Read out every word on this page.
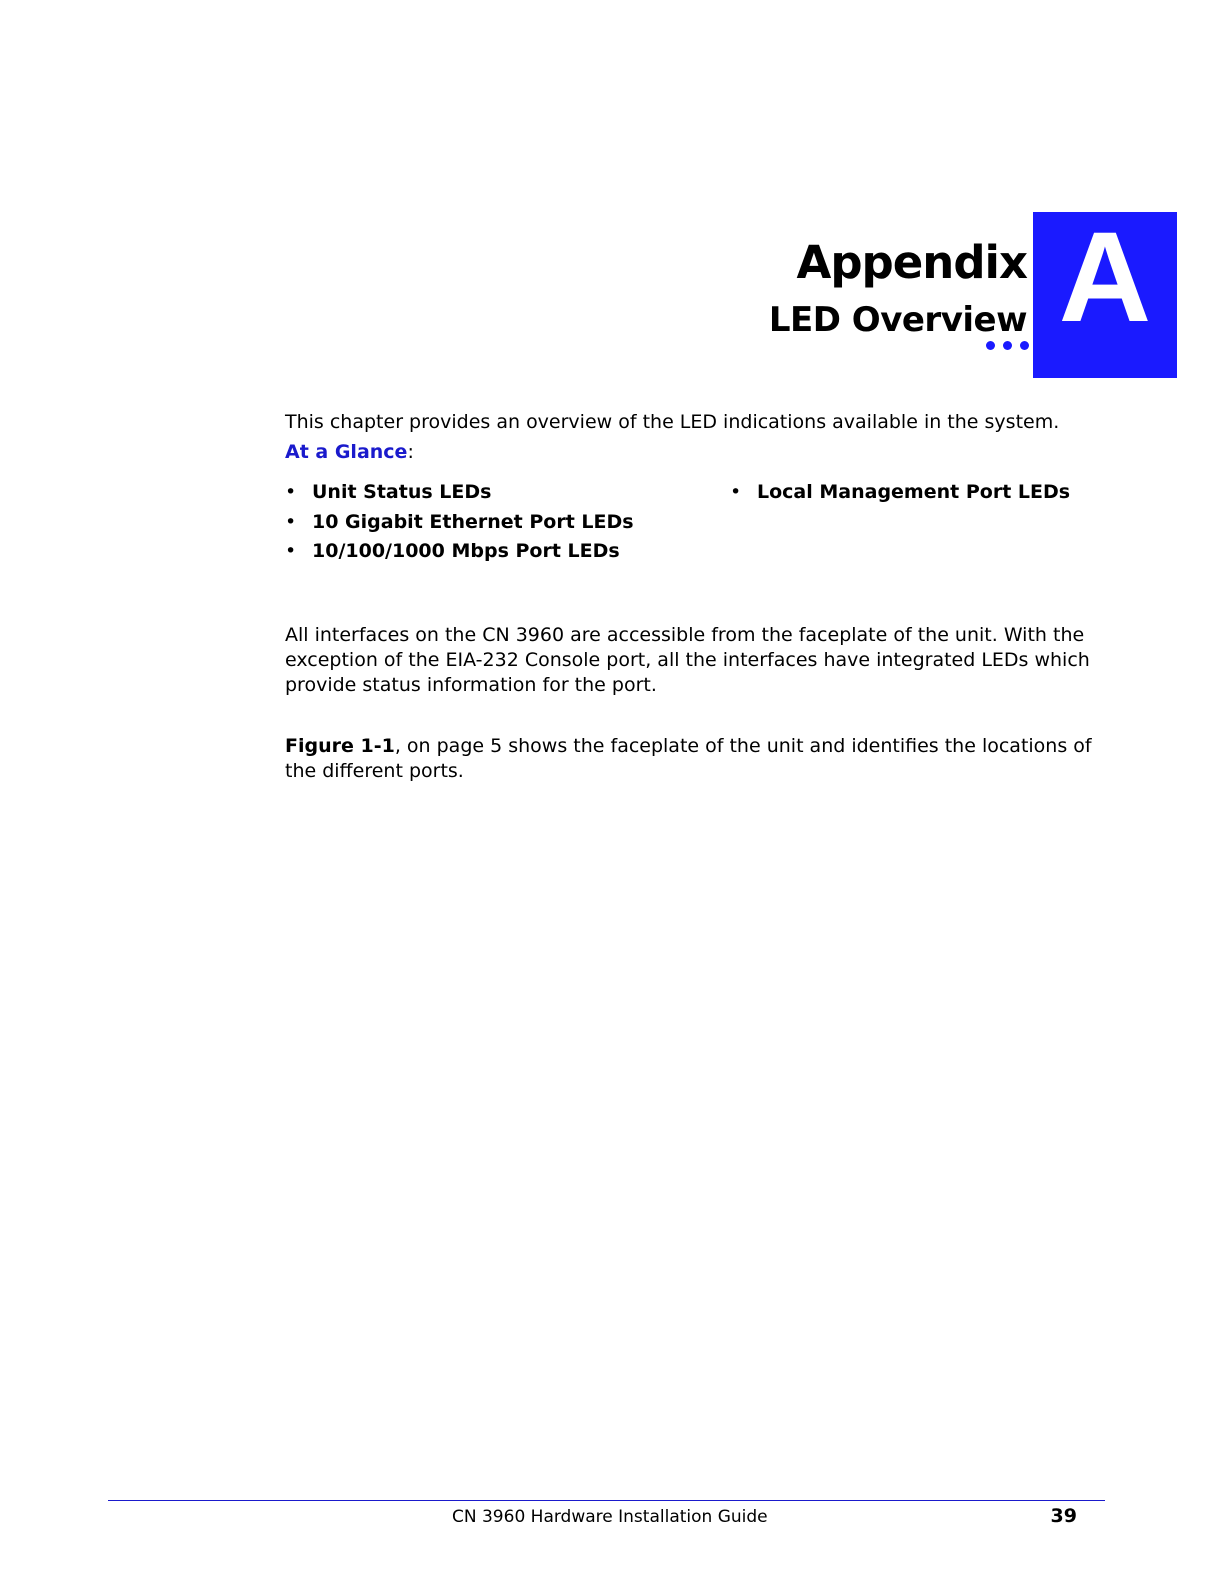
Appendix
LED Overview A
This chapter provides an overview of the LED indications available in the system.
At a Glance:
• Unit Status LEDs
• 10 Gigabit Ethernet Port LEDs
• 10/100/1000 Mbps Port LEDs
• Local Management Port LEDs

All interfaces on the CN 3960 are accessible from the faceplate of the unit. With the exception of the EIA-232 Console port, all the interfaces have integrated LEDs which provide status information for the port.

Figure 1-1, on page 5 shows the faceplate of the unit and identifies the locations of the different ports.

CN 3960 Hardware Installation Guide	39
